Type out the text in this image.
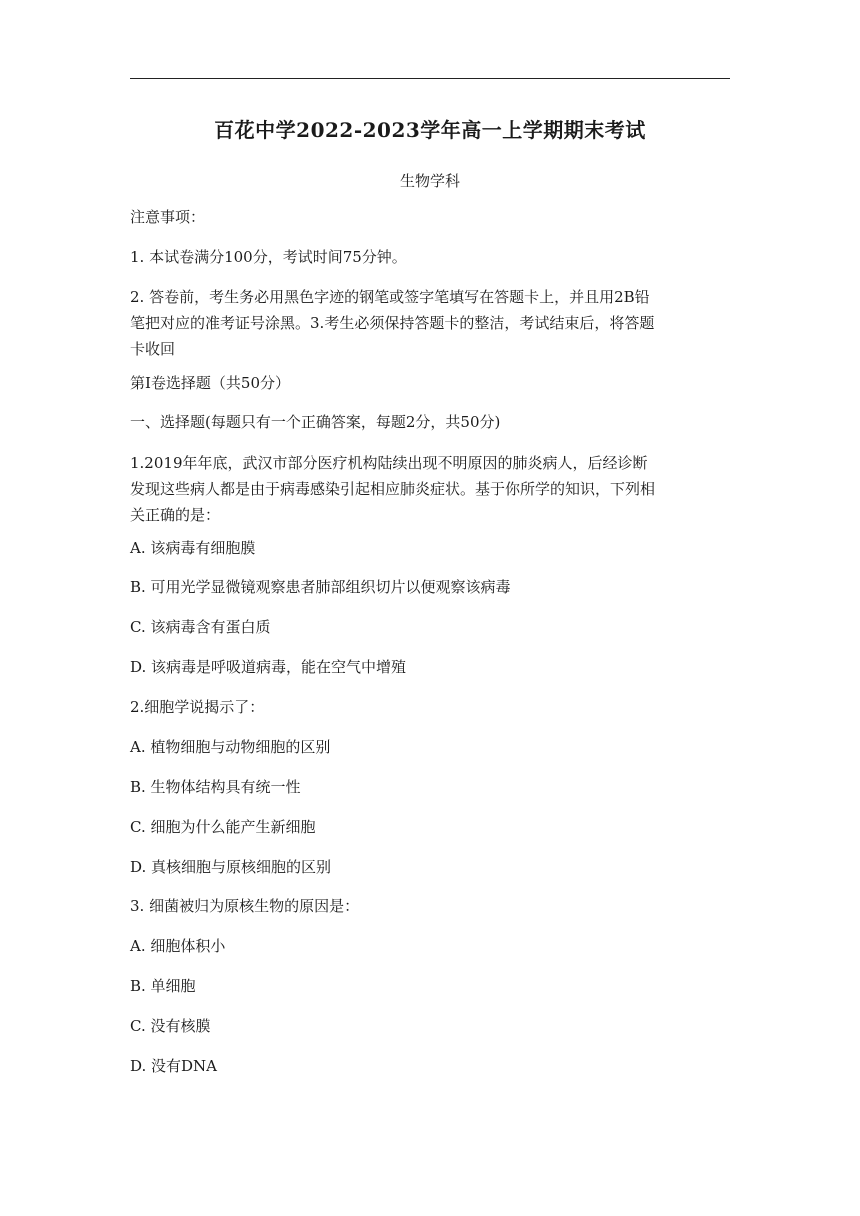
百花中学2022-2023学年高一上学期期末考试
生物学科
注意事项：
1. 本试卷满分100分，考试时间75分钟。
2. 答卷前，考生务必用黑色字迹的钢笔或签字笔填写在答题卡上，并且用2B铅
笔把对应的准考证号涂黑。3.考生必须保持答题卡的整洁，考试结束后，将答题
卡收回
第I卷选择题（共50分）
一、选择题(每题只有一个正确答案，每题2分，共50分)
1.2019年年底，武汉市部分医疗机构陆续出现不明原因的肺炎病人，后经诊断
发现这些病人都是由于病毒感染引起相应肺炎症状。基于你所学的知识，下列相
关正确的是：
A. 该病毒有细胞膜
B. 可用光学显微镜观察患者肺部组织切片以便观察该病毒
C. 该病毒含有蛋白质
D. 该病毒是呼吸道病毒，能在空气中增殖
2.细胞学说揭示了：
A. 植物细胞与动物细胞的区别
B. 生物体结构具有统一性
C. 细胞为什么能产生新细胞
D. 真核细胞与原核细胞的区别
3. 细菌被归为原核生物的原因是：
A. 细胞体积小
B. 单细胞
C. 没有核膜
D. 没有DNA
